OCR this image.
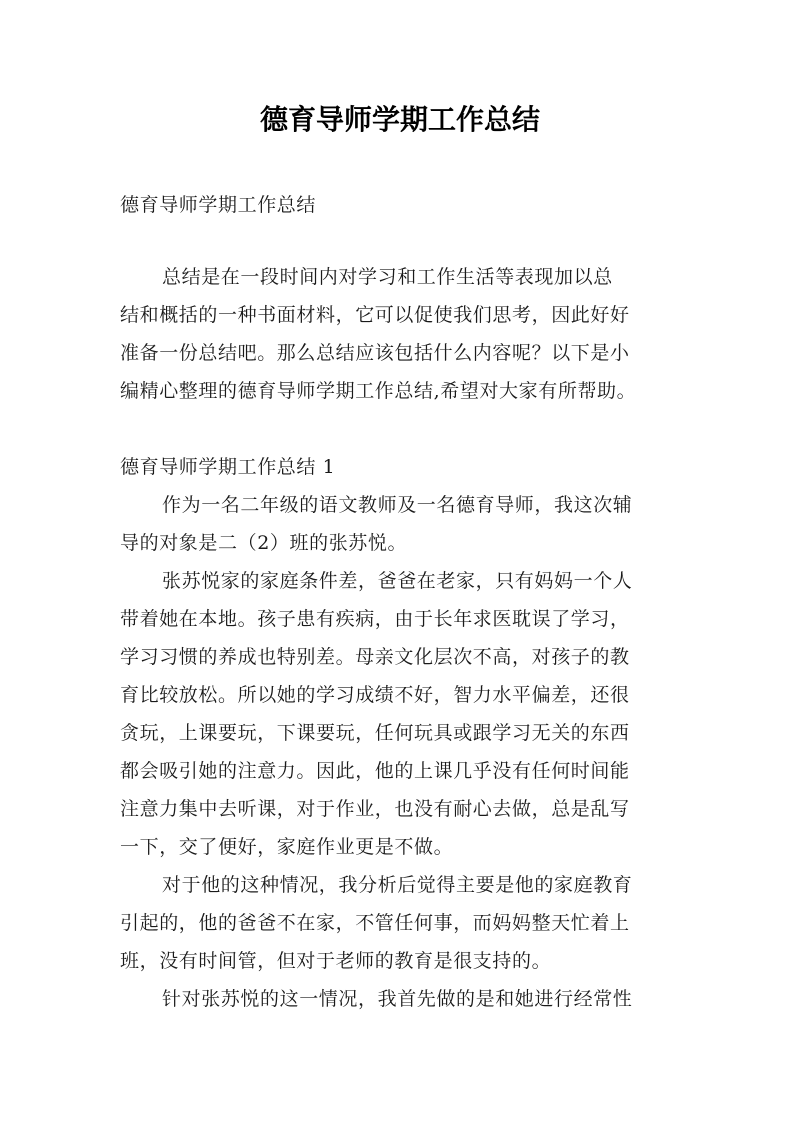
德育导师学期工作总结
德育导师学期工作总结
总结是在一段时间内对学习和工作生活等表现加以总
结和概括的一种书面材料，它可以促使我们思考，因此好好
准备一份总结吧。那么总结应该包括什么内容呢？以下是小
编精心整理的德育导师学期工作总结,希望对大家有所帮助。
德育导师学期工作总结 1
作为一名二年级的语文教师及一名德育导师，我这次辅
导的对象是二（2）班的张苏悦。
张苏悦家的家庭条件差，爸爸在老家，只有妈妈一个人
带着她在本地。孩子患有疾病，由于长年求医耽误了学习，
学习习惯的养成也特别差。母亲文化层次不高，对孩子的教
育比较放松。所以她的学习成绩不好，智力水平偏差，还很
贪玩，上课要玩，下课要玩，任何玩具或跟学习无关的东西
都会吸引她的注意力。因此，他的上课几乎没有任何时间能
注意力集中去听课，对于作业，也没有耐心去做，总是乱写
一下，交了便好，家庭作业更是不做。
对于他的这种情况，我分析后觉得主要是他的家庭教育
引起的，他的爸爸不在家，不管任何事，而妈妈整天忙着上
班，没有时间管，但对于老师的教育是很支持的。
针对张苏悦的这一情况，我首先做的是和她进行经常性
